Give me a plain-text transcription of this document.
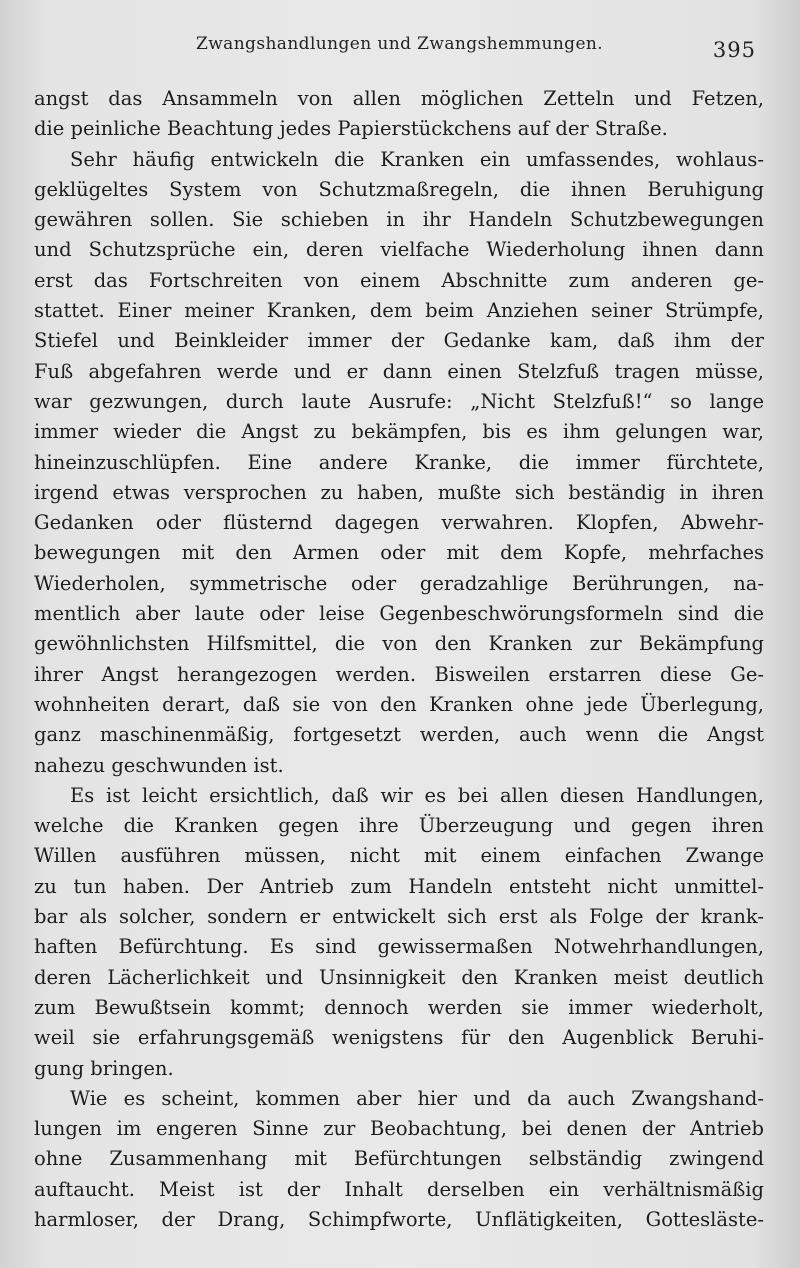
Zwangshandlungen und Zwangshemmungen.	395
angst das Ansammeln von allen möglichen Zetteln und Fetzen,
die peinliche Beachtung jedes Papierstückchens auf der Straße.
Sehr häufig entwickeln die Kranken ein umfassendes, wohlaus-
geklügeltes System von Schutzmaßregeln, die ihnen Beruhigung
gewähren sollen. Sie schieben in ihr Handeln Schutzbewegungen
und Schutzsprüche ein, deren vielfache Wiederholung ihnen dann
erst das Fortschreiten von einem Abschnitte zum anderen ge-
stattet. Einer meiner Kranken, dem beim Anziehen seiner Strümpfe,
Stiefel und Beinkleider immer der Gedanke kam, daß ihm der
Fuß abgefahren werde und er dann einen Stelzfuß tragen müsse,
war gezwungen, durch laute Ausrufe: „Nicht Stelzfuß!“ so lange
immer wieder die Angst zu bekämpfen, bis es ihm gelungen war,
hineinzuschlüpfen. Eine andere Kranke, die immer fürchtete,
irgend etwas versprochen zu haben, mußte sich beständig in ihren
Gedanken oder flüsternd dagegen verwahren. Klopfen, Abwehr-
bewegungen mit den Armen oder mit dem Kopfe, mehrfaches
Wiederholen, symmetrische oder geradzahlige Berührungen, na-
mentlich aber laute oder leise Gegenbeschwörungsformeln sind die
gewöhnlichsten Hilfsmittel, die von den Kranken zur Bekämpfung
ihrer Angst herangezogen werden. Bisweilen erstarren diese Ge-
wohnheiten derart, daß sie von den Kranken ohne jede Überlegung,
ganz maschinenmäßig, fortgesetzt werden, auch wenn die Angst
nahezu geschwunden ist.
Es ist leicht ersichtlich, daß wir es bei allen diesen Handlungen,
welche die Kranken gegen ihre Überzeugung und gegen ihren
Willen ausführen müssen, nicht mit einem einfachen Zwange
zu tun haben. Der Antrieb zum Handeln entsteht nicht unmittel-
bar als solcher, sondern er entwickelt sich erst als Folge der krank-
haften Befürchtung. Es sind gewissermaßen Notwehrhandlungen,
deren Lächerlichkeit und Unsinnigkeit den Kranken meist deutlich
zum Bewußtsein kommt; dennoch werden sie immer wiederholt,
weil sie erfahrungsgemäß wenigstens für den Augenblick Beruhi-
gung bringen.
Wie es scheint, kommen aber hier und da auch Zwangshand-
lungen im engeren Sinne zur Beobachtung, bei denen der Antrieb
ohne Zusammenhang mit Befürchtungen selbständig zwingend
auftaucht. Meist ist der Inhalt derselben ein verhältnismäßig
harmloser, der Drang, Schimpfworte, Unflätigkeiten, Gotteslästе-
